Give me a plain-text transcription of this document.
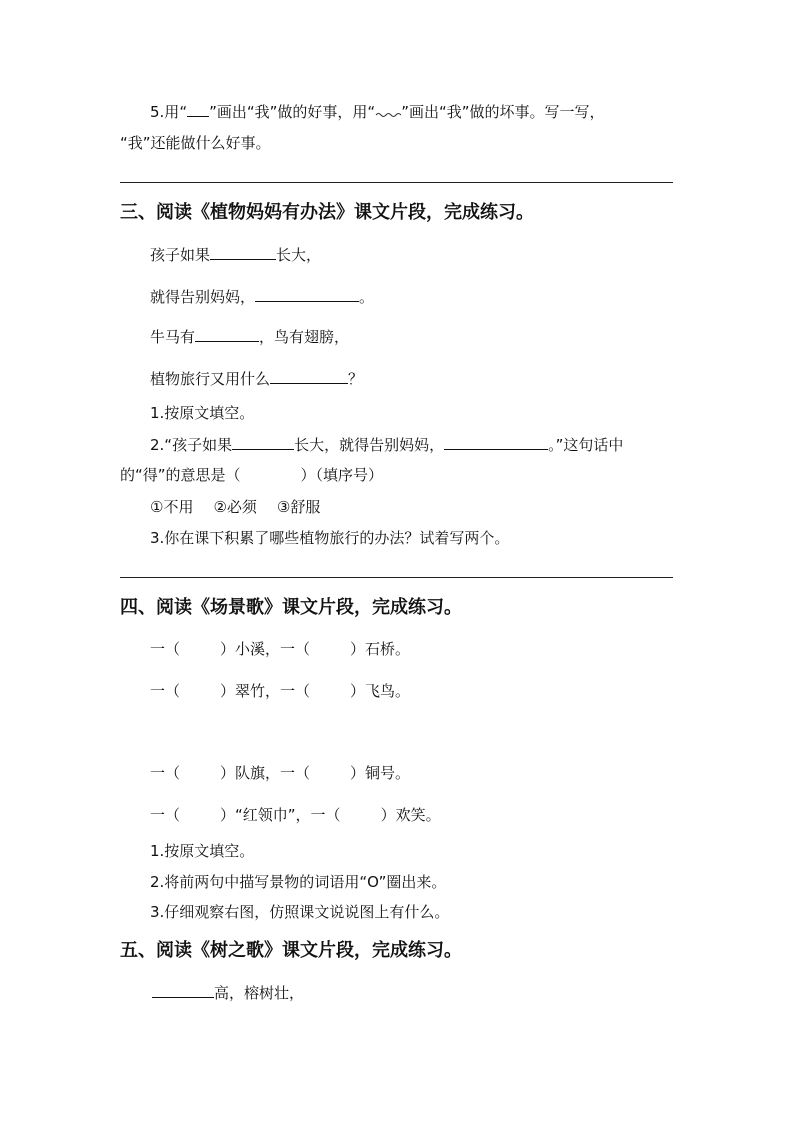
5.用“ ”画出“我”做的好事，用“ ”画出“我”做的坏事。写一写，
“我”还能做什么好事。
三、阅读《植物妈妈有办法》课文片段，完成练习。
孩子如果	长大，
就得告别妈妈，	。
牛马有	，鸟有翅膀，
植物旅行又用什么	？
1.按原文填空。
2.“孩子如果	长大，就得告别妈妈，	。”这句话中
的“得”的意思是（	）（填序号）
①不用 ②必须 ③舒服
3.你在课下积累了哪些植物旅行的办法？试着写两个。
四、阅读《场景歌》课文片段，完成练习。
一（	）小溪，一（	）石桥。
一（	）翠竹，一（	）飞鸟。
一（	）队旗，一（	）铜号。
一（	）“红领巾”，一（	）欢笑。
1.按原文填空。
2.将前两句中描写景物的词语用“O”圈出来。
3.仔细观察右图，仿照课文说说图上有什么。
五、阅读《树之歌》课文片段，完成练习。
高，榕树壮，
